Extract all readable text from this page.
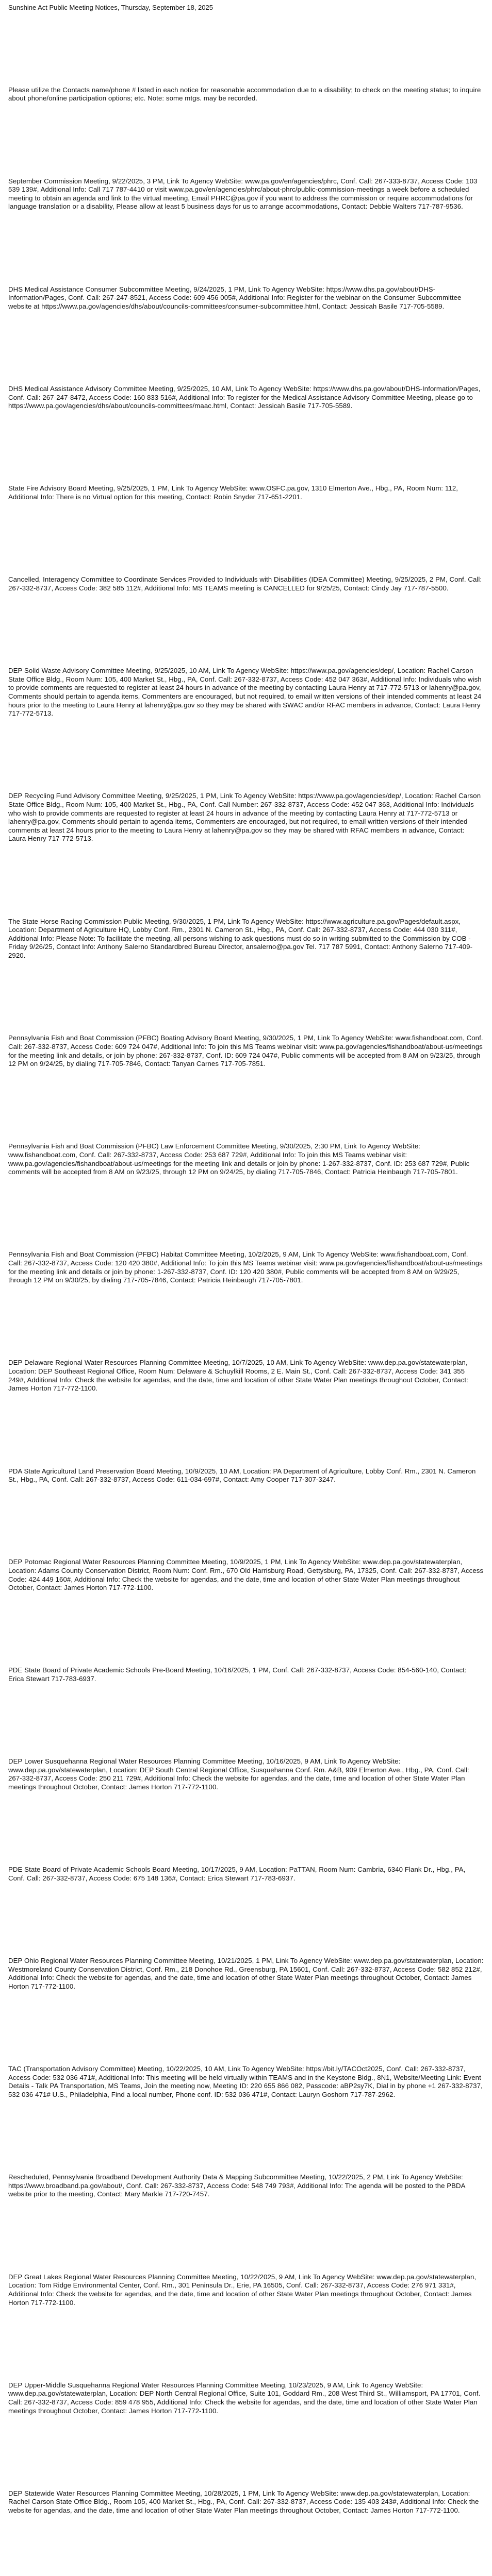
Sunshine Act Public Meeting Notices, Thursday, September 18, 2025

Please utilize the Contacts name/phone # listed in each notice for reasonable accommodation due to a disability; to check on the meeting status; to inquire about phone/online participation options; etc. Note: some mtgs. may be recorded.

September Commission Meeting, 9/22/2025, 3 PM, Link To Agency WebSite: www.pa.gov/en/agencies/phrc, Conf. Call: 267-333-8737, Access Code: 103 539 139#, Additional Info: Call 717 787-4410 or visit www.pa.gov/en/agencies/phrc/about-phrc/public-commission-meetings a week before a scheduled meeting to obtain an agenda and link to the virtual meeting, Email PHRC@pa.gov if you want to address the commission or require accommodations for language translation or a disability, Please allow at least 5 business days for us to arrange accommodations, Contact: Debbie Walters 717-787-9536.

DHS Medical Assistance Consumer Subcommittee Meeting, 9/24/2025, 1 PM, Link To Agency WebSite: https://www.dhs.pa.gov/about/DHS-Information/Pages, Conf. Call: 267-247-8521, Access Code: 609 456 005#, Additional Info: Register for the webinar on the Consumer Subcommittee website at https://www.pa.gov/agencies/dhs/about/councils-committees/consumer-subcommittee.html, Contact: Jessicah Basile 717-705-5589.

DHS Medical Assistance Advisory Committee Meeting, 9/25/2025, 10 AM, Link To Agency WebSite: https://www.dhs.pa.gov/about/DHS-Information/Pages, Conf. Call: 267-247-8472, Access Code: 160 833 516#, Additional Info: To register for the Medical Assistance Advisory Committee Meeting, please go to https://www.pa.gov/agencies/dhs/about/councils-committees/maac.html, Contact: Jessicah Basile 717-705-5589.

State Fire Advisory Board Meeting, 9/25/2025, 1 PM, Link To Agency WebSite: www.OSFC.pa.gov, 1310 Elmerton Ave., Hbg., PA, Room Num: 112, Additional Info: There is no Virtual option for this meeting, Contact: Robin Snyder 717-651-2201.

Cancelled, Interagency Committee to Coordinate Services Provided to Individuals with Disabilities (IDEA Committee) Meeting, 9/25/2025, 2 PM, Conf. Call: 267-332-8737, Access Code: 382 585 112#, Additional Info: MS TEAMS meeting is CANCELLED for 9/25/25, Contact: Cindy Jay 717-787-5500.

DEP Solid Waste Advisory Committee Meeting, 9/25/2025, 10 AM, Link To Agency WebSite: https://www.pa.gov/agencies/dep/, Location: Rachel Carson State Office Bldg., Room Num: 105, 400 Market St., Hbg., PA, Conf. Call: 267-332-8737, Access Code: 452 047 363#, Additional Info: Individuals who wish to provide comments are requested to register at least 24 hours in advance of the meeting by contacting Laura Henry at 717-772-5713 or lahenry@pa.gov, Comments should pertain to agenda items, Commenters are encouraged, but not required, to email written versions of their intended comments at least 24 hours prior to the meeting to Laura Henry at lahenry@pa.gov so they may be shared with SWAC and/or RFAC members in advance, Contact: Laura Henry 717-772-5713.

DEP Recycling Fund Advisory Committee Meeting, 9/25/2025, 1 PM, Link To Agency WebSite: https://www.pa.gov/agencies/dep/, Location: Rachel Carson State Office Bldg., Room Num: 105, 400 Market St., Hbg., PA, Conf. Call Number: 267-332-8737, Access Code: 452 047 363, Additional Info: Individuals who wish to provide comments are requested to register at least 24 hours in advance of the meeting by contacting Laura Henry at 717-772-5713 or lahenry@pa.gov, Comments should pertain to agenda items, Commenters are encouraged, but not required, to email written versions of their intended comments at least 24 hours prior to the meeting to Laura Henry at lahenry@pa.gov so they may be shared with RFAC members in advance, Contact: Laura Henry 717-772-5713.

The State Horse Racing Commission Public Meeting, 9/30/2025, 1 PM, Link To Agency WebSite: https://www.agriculture.pa.gov/Pages/default.aspx, Location: Department of Agriculture HQ, Lobby Conf. Rm., 2301 N. Cameron St., Hbg., PA, Conf. Call: 267-332-8737, Access Code: 444 030 311#, Additional Info: Please Note: To facilitate the meeting, all persons wishing to ask questions must do so in writing submitted to the Commission by COB - Friday 9/26/25, Contact Info: Anthony Salerno Standardbred Bureau Director, ansalerno@pa.gov Tel. 717 787 5991, Contact: Anthony Salerno 717-409-2920.

Pennsylvania Fish and Boat Commission (PFBC) Boating Advisory Board Meeting, 9/30/2025, 1 PM, Link To Agency WebSite: www.fishandboat.com, Conf. Call: 267-332-8737, Access Code: 609 724 047#, Additional Info: To join this MS Teams webinar visit: www.pa.gov/agencies/fishandboat/about-us/meetings for the meeting link and details, or join by phone: 267-332-8737, Conf. ID: 609 724 047#, Public comments will be accepted from 8 AM on 9/23/25, through 12 PM on 9/24/25, by dialing 717-705-7846, Contact: Tanyan Carnes 717-705-7851.

Pennsylvania Fish and Boat Commission (PFBC) Law Enforcement Committee Meeting, 9/30/2025, 2:30 PM, Link To Agency WebSite: www.fishandboat.com, Conf. Call: 267-332-8737, Access Code: 253 687 729#, Additional Info: To join this MS Teams webinar visit: www.pa.gov/agencies/fishandboat/about-us/meetings for the meeting link and details or join by phone: 1-267-332-8737, Conf. ID: 253 687 729#, Public comments will be accepted from 8 AM on 9/23/25, through 12 PM on 9/24/25, by dialing 717-705-7846, Contact: Patricia Heinbaugh 717-705-7801.

Pennsylvania Fish and Boat Commission (PFBC) Habitat Committee Meeting, 10/2/2025, 9 AM, Link To Agency WebSite: www.fishandboat.com, Conf. Call: 267-332-8737, Access Code: 120 420 380#, Additional Info: To join this MS Teams webinar visit: www.pa.gov/agencies/fishandboat/about-us/meetings for the meeting link and details or join by phone: 1-267-332-8737, Conf. ID: 120 420 380#, Public comments will be accepted from 8 AM on 9/29/25, through 12 PM on 9/30/25, by dialing 717-705-7846, Contact: Patricia Heinbaugh 717-705-7801.

DEP Delaware Regional Water Resources Planning Committee Meeting, 10/7/2025, 10 AM, Link To Agency WebSite: www.dep.pa.gov/statewaterplan, Location: DEP Southeast Regional Office, Room Num: Delaware & Schuylkill Rooms, 2 E. Main St., Conf. Call: 267-332-8737, Access Code: 341 355 249#, Additional Info: Check the website for agendas, and the date, time and location of other State Water Plan meetings throughout October, Contact: James Horton 717-772-1100.

PDA State Agricultural Land Preservation Board Meeting, 10/9/2025, 10 AM, Location: PA Department of Agriculture, Lobby Conf. Rm., 2301 N. Cameron St., Hbg., PA, Conf. Call: 267-332-8737, Access Code: 611-034-697#, Contact: Amy Cooper 717-307-3247.

DEP Potomac Regional Water Resources Planning Committee Meeting, 10/9/2025, 1 PM, Link To Agency WebSite: www.dep.pa.gov/statewaterplan, Location: Adams County Conservation District, Room Num: Conf. Rm., 670 Old Harrisburg Road, Gettysburg, PA, 17325, Conf. Call: 267-332-8737, Access Code: 424 449 160#, Additional Info: Check the website for agendas, and the date, time and location of other State Water Plan meetings throughout October, Contact: James Horton 717-772-1100.

PDE State Board of Private Academic Schools Pre-Board Meeting, 10/16/2025, 1 PM, Conf. Call: 267-332-8737, Access Code: 854-560-140, Contact: Erica Stewart 717-783-6937.

DEP Lower Susquehanna Regional Water Resources Planning Committee Meeting, 10/16/2025, 9 AM, Link To Agency WebSite: www.dep.pa.gov/statewaterplan, Location: DEP South Central Regional Office, Susquehanna Conf. Rm. A&B, 909 Elmerton Ave., Hbg., PA, Conf. Call: 267-332-8737, Access Code: 250 211 729#, Additional Info: Check the website for agendas, and the date, time and location of other State Water Plan meetings throughout October, Contact: James Horton 717-772-1100.

PDE State Board of Private Academic Schools Board Meeting, 10/17/2025, 9 AM, Location: PaTTAN, Room Num: Cambria, 6340 Flank Dr., Hbg., PA, Conf. Call: 267-332-8737, Access Code: 675 148 136#, Contact: Erica Stewart 717-783-6937.

DEP Ohio Regional Water Resources Planning Committee Meeting, 10/21/2025, 1 PM, Link To Agency WebSite: www.dep.pa.gov/statewaterplan, Location: Westmoreland County Conservation District, Conf. Rm., 218 Donohoe Rd., Greensburg, PA 15601, Conf. Call: 267-332-8737, Access Code: 582 852 212#, Additional Info: Check the website for agendas, and the date, time and location of other State Water Plan meetings throughout October, Contact: James Horton 717-772-1100.

TAC (Transportation Advisory Committee) Meeting, 10/22/2025, 10 AM, Link To Agency WebSite: https://bit.ly/TACOct2025, Conf. Call: 267-332-8737, Access Code: 532 036 471#, Additional Info: This meeting will be held virtually within TEAMS and in the Keystone Bldg., 8N1, Website/Meeting Link: Event Details - Talk PA Transportation, MS Teams, Join the meeting now, Meeting ID: 220 655 866 082, Passcode: aBP2sy7K, Dial in by phone +1 267-332-8737, 532 036 471# U.S., Philadelphia, Find a local number, Phone conf. ID: 532 036 471#, Contact: Lauryn Goshorn 717-787-2962.

Rescheduled, Pennsylvania Broadband Development Authority Data & Mapping Subcommittee Meeting, 10/22/2025, 2 PM, Link To Agency WebSite: https://www.broadband.pa.gov/about/, Conf. Call: 267-332-8737, Access Code: 548 749 793#, Additional Info: The agenda will be posted to the PBDA website prior to the meeting, Contact: Mary Markle 717-720-7457.

DEP Great Lakes Regional Water Resources Planning Committee Meeting, 10/22/2025, 9 AM, Link To Agency WebSite: www.dep.pa.gov/statewaterplan, Location: Tom Ridge Environmental Center, Conf. Rm., 301 Peninsula Dr., Erie, PA 16505, Conf. Call: 267-332-8737, Access Code: 276 971 331#, Additional Info: Check the website for agendas, and the date, time and location of other State Water Plan meetings throughout October, Contact: James Horton 717-772-1100.

DEP Upper-Middle Susquehanna Regional Water Resources Planning Committee Meeting, 10/23/2025, 9 AM, Link To Agency WebSite: www.dep.pa.gov/statewaterplan, Location: DEP North Central Regional Office, Suite 101, Goddard Rm., 208 West Third St., Williamsport, PA 17701, Conf. Call: 267-332-8737, Access Code: 859 478 955, Additional Info: Check the website for agendas, and the date, time and location of other State Water Plan meetings throughout October, Contact: James Horton 717-772-1100.

DEP Statewide Water Resources Planning Committee Meeting, 10/28/2025, 1 PM, Link To Agency WebSite: www.dep.pa.gov/statewaterplan, Location: Rachel Carson State Office Bldg., Room 105, 400 Market St., Hbg., PA, Conf. Call: 267-332-8737, Access Code: 135 403 243#, Additional Info: Check the website for agendas, and the date, time and location of other State Water Plan meetings throughout October, Contact: James Horton 717-772-1100.
